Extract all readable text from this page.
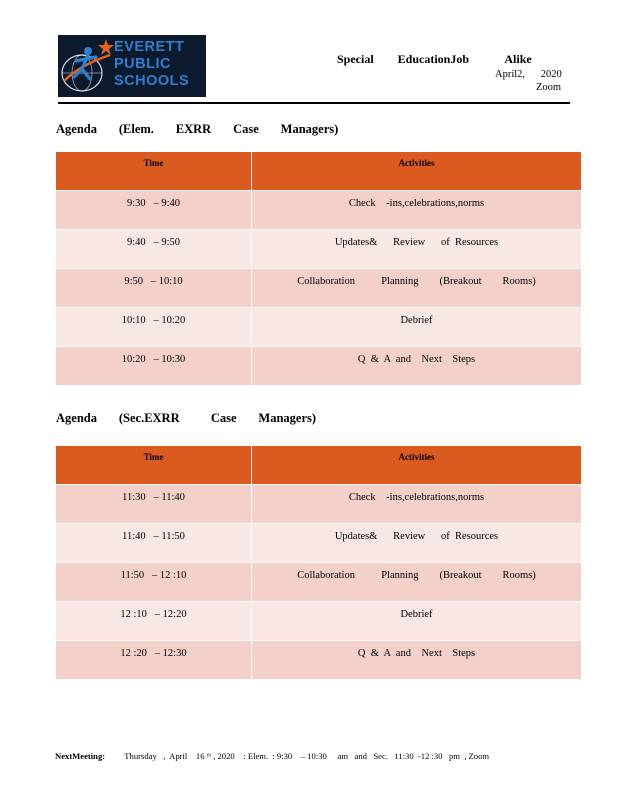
EVERETT
PUBLIC
SCHOOLS
Special        EducationJob            Alike
April2,      2020
Zoom
Agenda       (Elem.       EXRR       Case       Managers)
Time	Activities
9:30   – 9:40	Check    -ins,celebrations,norms
9:40   – 9:50	Updates&      Review      of  Resources
9:50   – 10:10	Collaboration          Planning        (Breakout        Rooms)
10:10   – 10:20	Debrief
10:20   – 10:30	Q  &  A  and    Next    Steps
Agenda       (Sec.EXRR          Case       Managers)
Time	Activities
11:30   – 11:40	Check    -ins,celebrations,norms
11:40   – 11:50	Updates&      Review      of  Resources
11:50   – 12 :10	Collaboration          Planning        (Breakout        Rooms)
12 :10   – 12:20	Debrief
12 :20   – 12:30	Q  &  A  and    Next    Steps
NextMeeting: Thursday   ,  April    16 ᵗʰ , 2020    : Elem.  : 9:30    – 10:30     am   and   Sec.   11:30  -12 :30   pm  , Zoom
